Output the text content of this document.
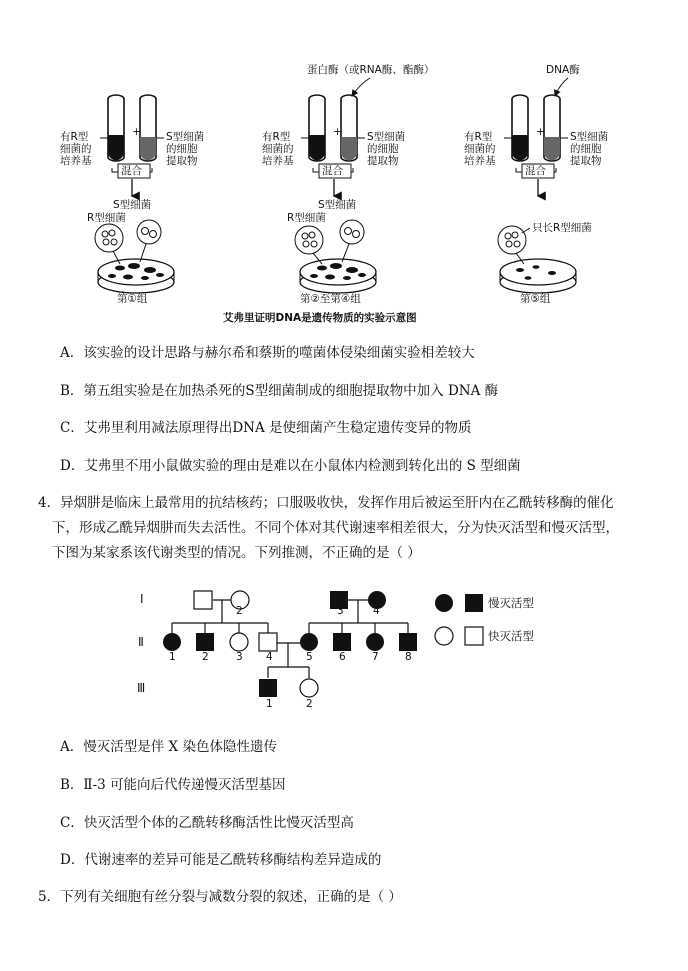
+
有R型
细菌的
培养基
S型细菌
的细胞
提取物
混合
S型细菌
R型细菌
第①组
蛋白酶（或RNA酶、酯酶）
+
有R型
细菌的
培养基
S型细菌
的细胞
提取物
混合
S型细菌
R型细菌
第②至第④组
DNA酶
+
有R型
细菌的
培养基
S型细菌
的细胞
提取物
混合
只长R型细菌
第⑤组
艾弗里证明DNA是遗传物质的实验示意图
A．该实验的设计思路与赫尔希和蔡斯的噬菌体侵染细菌实验相差较大
B．第五组实验是在加热杀死的S型细菌制成的细胞提取物中加入 DNA 酶
C．艾弗里利用减法原理得出DNA 是使细菌产生稳定遗传变异的物质
D．艾弗里不用小鼠做实验的理由是难以在小鼠体内检测到转化出的 S 型细菌
4．异烟肼是临床上最常用的抗结核药；口服吸收快，发挥作用后被运至肝内在乙酰转移酶的催化
下，形成乙酰异烟肼而失去活性。不同个体对其代谢速率相差很大，分为快灭活型和慢灭活型，
下图为某家系该代谢类型的情况。下列推测，不正确的是（ ）
Ⅰ
Ⅱ
Ⅲ
2	3	4
1	2	3 4	5	6	7	8
1	2
慢灭活型
快灭活型
A．慢灭活型是伴 X 染色体隐性遗传
B．Ⅱ-3 可能向后代传递慢灭活型基因
C．快灭活型个体的乙酰转移酶活性比慢灭活型高
D．代谢速率的差异可能是乙酰转移酶结构差异造成的
5．下列有关细胞有丝分裂与减数分裂的叙述，正确的是（ ）
